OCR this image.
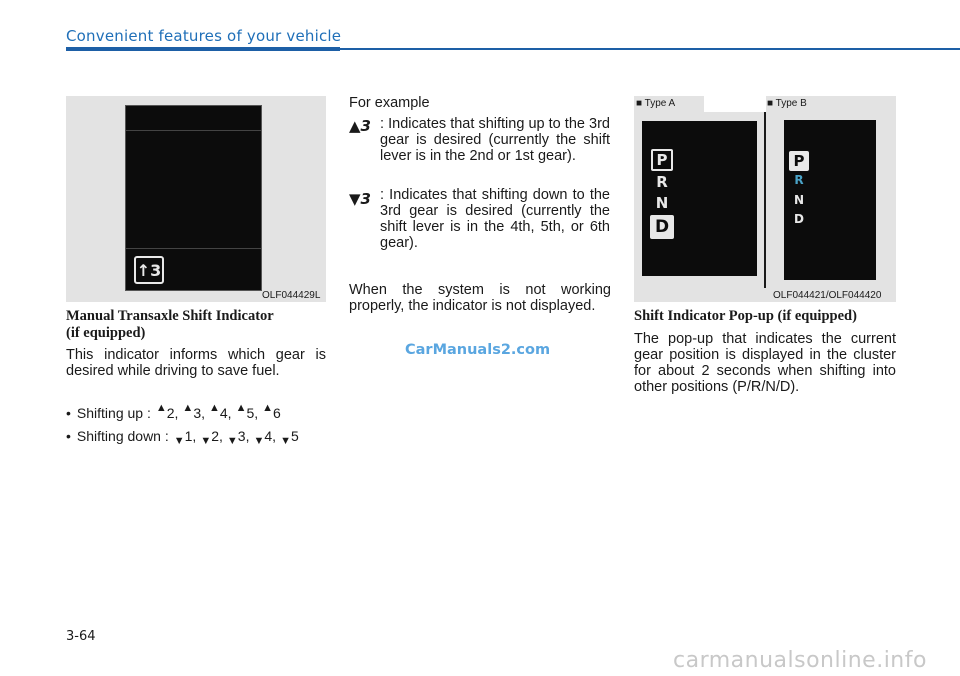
Convenient features of your vehicle
↑3
OLF044429L
Manual Transaxle Shift Indicator
(if equipped)
This indicator informs which gear is desired while driving to save fuel.
• Shifting up : ▲ 2, ▲ 3, ▲ 4, ▲ 5, ▲ 6
• Shifting down : ▼ 1, ▼ 2, ▼ 3, ▼ 4, ▼ 5
For example
▲3 : Indicates that shifting up to the 3rd gear is desired (currently the shift lever is in the 2nd or 1st gear).
▼3 : Indicates that shifting down to the 3rd gear is desired (currently the shift lever is in the 4th, 5th, or 6th gear).
When the system is not working properly, the indicator is not displayed.
CarManuals2.com
■ Type A	■ Type B
P
R
N
D
P
R
N
D
OLF044421/OLF044420
Shift Indicator Pop-up (if equipped)
The pop-up that indicates the current gear position is displayed in the cluster for about 2 seconds when shifting into other positions (P/R/N/D).
3-64
carmanualsonline.info
